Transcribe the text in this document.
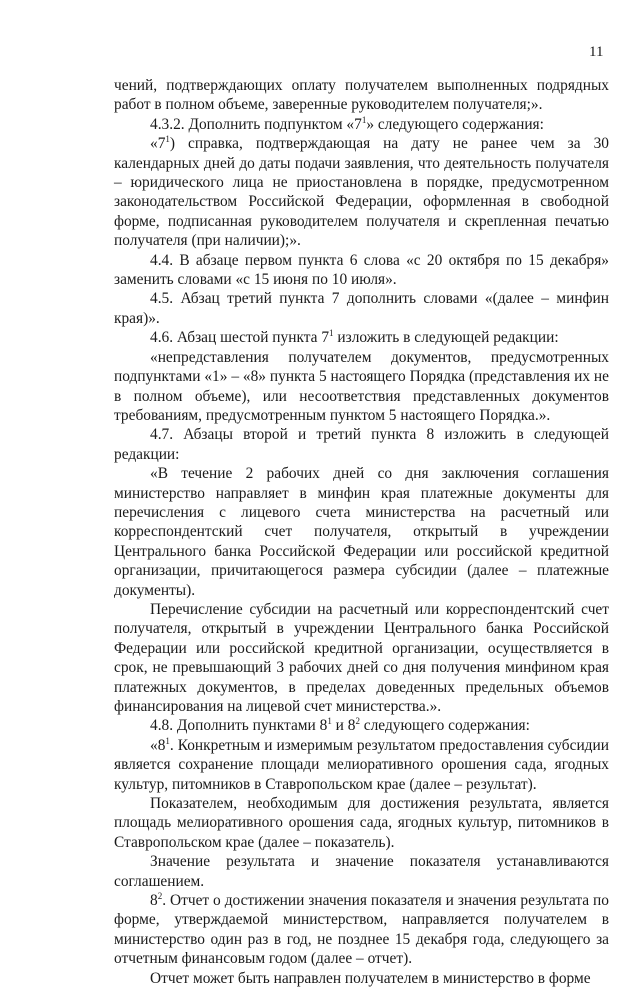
11

чений, подтверждающих оплату получателем выполненных подрядных работ в полном объеме, заверенные руководителем получателя;».

4.3.2. Дополнить подпунктом «$7^1$» следующего содержания:

«$7^1$) справка, подтверждающая на дату не ранее чем за 30 календарных дней до даты подачи заявления, что деятельность получателя – юридического лица не приостановлена в порядке, предусмотренном законодательством Российской Федерации, оформленная в свободной форме, подписанная руководителем получателя и скрепленная печатью получателя (при наличии);».

4.4. В абзаце первом пункта 6 слова «с 20 октября по 15 декабря» заменить словами «с 15 июня по 10 июля».

4.5. Абзац третий пункта 7 дополнить словами «(далее – минфин края)».

4.6. Абзац шестой пункта $7^1$ изложить в следующей редакции:

«непредставления получателем документов, предусмотренных подпунктами «1» – «8» пункта 5 настоящего Порядка (представления их не в полном объеме), или несоответствия представленных документов требованиям, предусмотренным пунктом 5 настоящего Порядка.».

4.7. Абзацы второй и третий пункта 8 изложить в следующей редакции:

«В течение 2 рабочих дней со дня заключения соглашения министерство направляет в минфин края платежные документы для перечисления с лицевого счета министерства на расчетный или корреспондентский счет получателя, открытый в учреждении Центрального банка Российской Федерации или российской кредитной организации, причитающегося размера субсидии (далее – платежные документы).

Перечисление субсидии на расчетный или корреспондентский счет получателя, открытый в учреждении Центрального банка Российской Федерации или российской кредитной организации, осуществляется в срок, не превышающий 3 рабочих дней со дня получения минфином края платежных документов, в пределах доведенных предельных объемов финансирования на лицевой счет министерства.».

4.8. Дополнить пунктами $8^1$ и $8^2$ следующего содержания:

«$8^1$. Конкретным и измеримым результатом предоставления субсидии является сохранение площади мелиоративного орошения сада, ягодных культур, питомников в Ставропольском крае (далее – результат).

Показателем, необходимым для достижения результата, является площадь мелиоративного орошения сада, ягодных культур, питомников в Ставропольском крае (далее – показатель).

Значение результата и значение показателя устанавливаются соглашением.

$8^2$. Отчет о достижении значения показателя и значения результата по форме, утверждаемой министерством, направляется получателем в министерство один раз в год, не позднее 15 декабря года, следующего за отчетным финансовым годом (далее – отчет).

Отчет может быть направлен получателем в министерство в форме
